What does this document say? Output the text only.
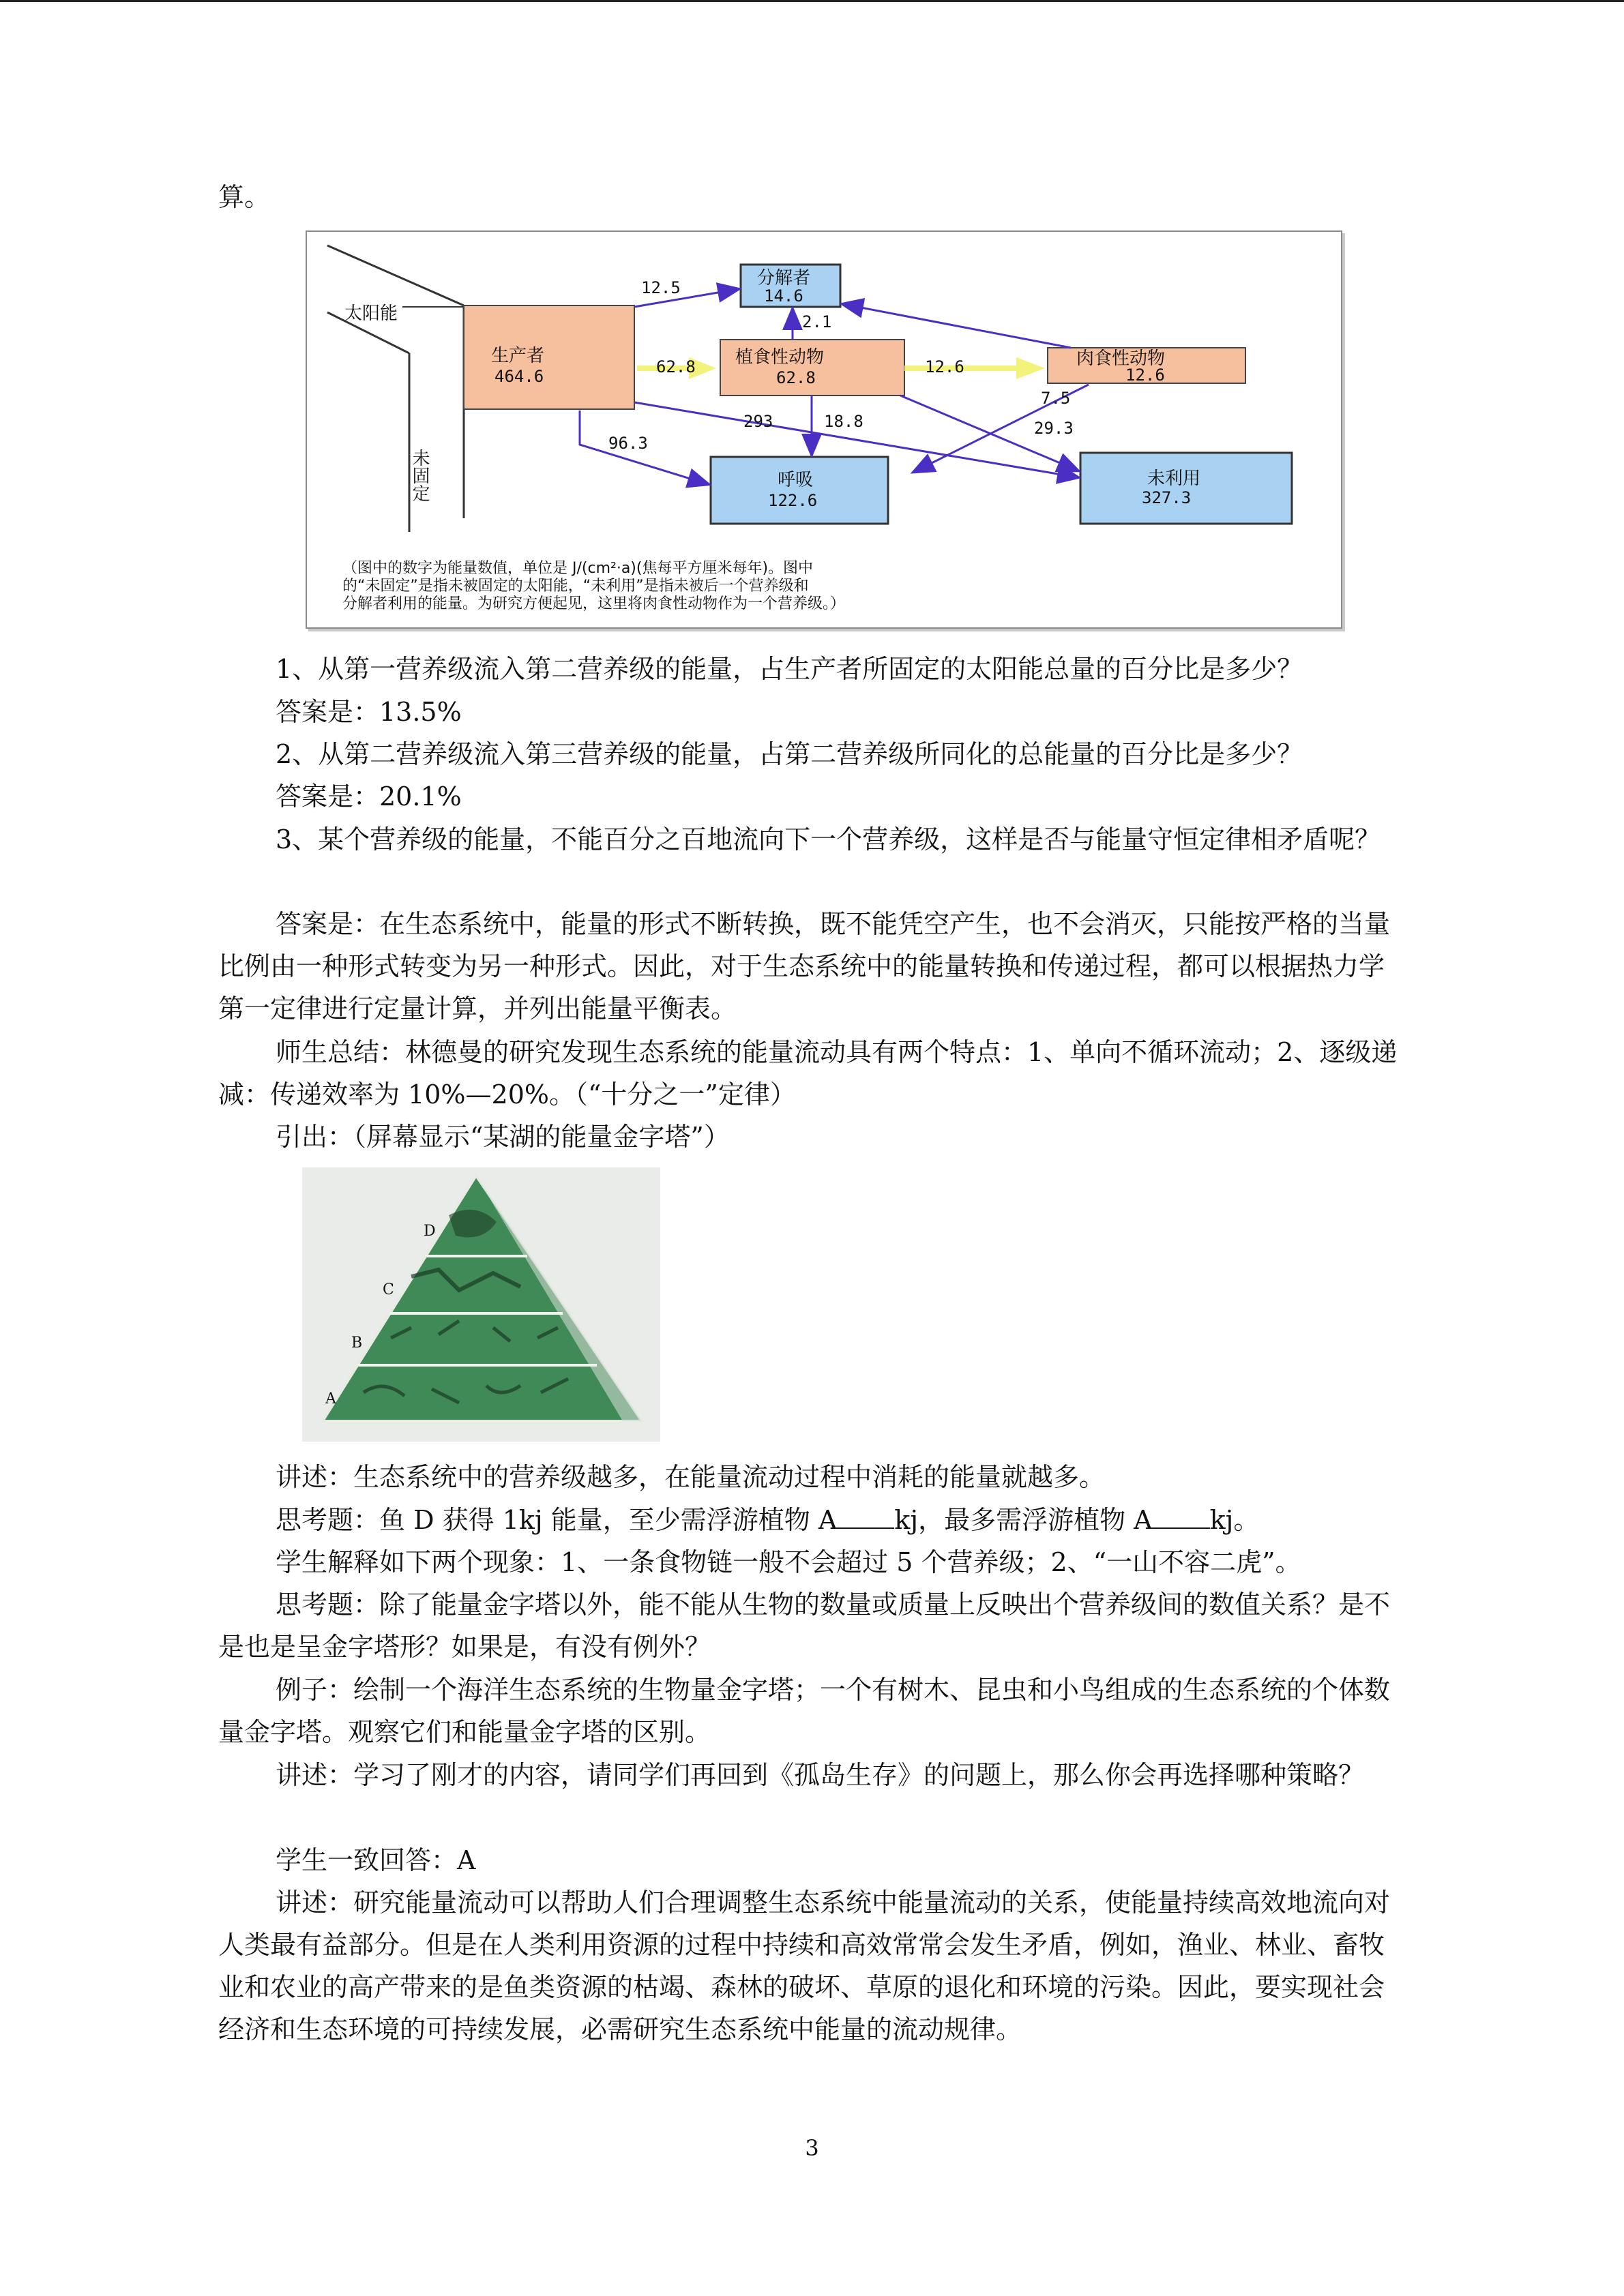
算。

太阳能
未固定
生产者
464.6
植食性动物
62.8
肉食性动物
12.6
分解者
14.6
呼吸
122.6
未利用
327.3
12.5
2.1
62.8	12.6
7.5
29.3
293	18.8
96.3
（图中的数字为能量数值，单位是 J/(cm²·a)(焦每平方厘米每年)。图中
的“未固定”是指未被固定的太阳能，“未利用”是指未被后一个营养级和
分解者利用的能量。为研究方便起见，这里将肉食性动物作为一个营养级。）

1、从第一营养级流入第二营养级的能量，占生产者所固定的太阳能总量的百分比是多少？

答案是：13.5%

2、从第二营养级流入第三营养级的能量，占第二营养级所同化的总能量的百分比是多少？

答案是：20.1%

3、某个营养级的能量，不能百分之百地流向下一个营养级，这样是否与能量守恒定律相矛盾呢？

答案是：在生态系统中，能量的形式不断转换，既不能凭空产生，也不会消灭，只能按严格的当量比例由一种形式转变为另一种形式。因此，对于生态系统中的能量转换和传递过程，都可以根据热力学第一定律进行定量计算，并列出能量平衡表。

师生总结：林德曼的研究发现生态系统的能量流动具有两个特点：1、单向不循环流动；2、逐级递减：传递效率为 10%—20%。（“十分之一”定律）

引出：（屏幕显示“某湖的能量金字塔”）

D
C
B
A

讲述：生态系统中的营养级越多，在能量流动过程中消耗的能量就越多。

思考题：鱼 D 获得 1kj 能量，至少需浮游植物 A kj，最多需浮游植物 A kj。

学生解释如下两个现象：1、一条食物链一般不会超过 5 个营养级；2、“一山不容二虎”。

思考题：除了能量金字塔以外，能不能从生物的数量或质量上反映出个营养级间的数值关系？是不是也是呈金字塔形？如果是，有没有例外？

例子：绘制一个海洋生态系统的生物量金字塔；一个有树木、昆虫和小鸟组成的生态系统的个体数量金字塔。观察它们和能量金字塔的区别。

讲述：学习了刚才的内容，请同学们再回到《孤岛生存》的问题上，那么你会再选择哪种策略？

学生一致回答：A

讲述：研究能量流动可以帮助人们合理调整生态系统中能量流动的关系，使能量持续高效地流向对人类最有益部分。但是在人类利用资源的过程中持续和高效常常会发生矛盾，例如，渔业、林业、畜牧业和农业的高产带来的是鱼类资源的枯竭、森林的破坏、草原的退化和环境的污染。因此，要实现社会经济和生态环境的可持续发展，必需研究生态系统中能量的流动规律。

3
